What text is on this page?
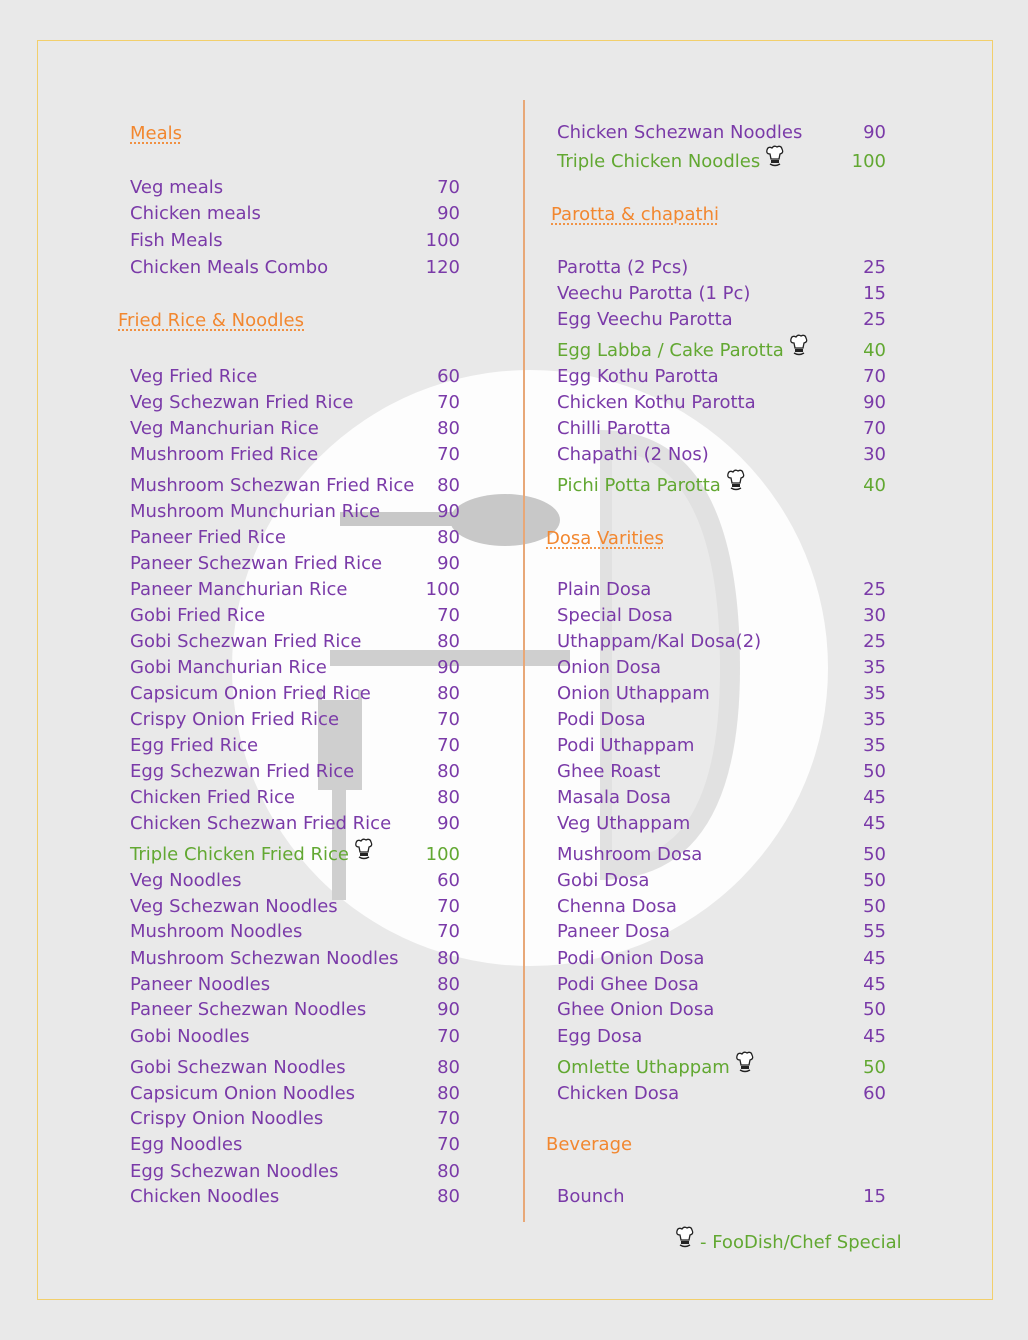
Meals
Veg meals	70
Chicken meals	90
Fish Meals	100
Chicken Meals Combo	120
Fried Rice & Noodles
Veg Fried Rice	60
Veg Schezwan Fried Rice	70
Veg Manchurian Rice	80
Mushroom Fried Rice	70
Mushroom Schezwan Fried Rice	80
Mushroom Munchurian Rice	90
Paneer Fried Rice	80
Paneer Schezwan Fried Rice	90
Paneer Manchurian Rice	100
Gobi Fried Rice	70
Gobi Schezwan Fried Rice	80
Gobi Manchurian Rice	90
Capsicum Onion Fried Rice	80
Crispy Onion Fried Rice	70
Egg Fried Rice	70
Egg Schezwan Fried Rice	80
Chicken Fried Rice	80
Chicken Schezwan Fried Rice	90
Triple Chicken Fried Rice	100
Veg Noodles	60
Veg Schezwan Noodles	70
Mushroom Noodles	70
Mushroom Schezwan Noodles	80
Paneer Noodles	80
Paneer Schezwan Noodles	90
Gobi Noodles	70
Gobi Schezwan Noodles	80
Capsicum Onion Noodles	80
Crispy Onion Noodles	70
Egg Noodles	70
Egg Schezwan Noodles	80
Chicken Noodles	80
Chicken Schezwan Noodles	90
Triple Chicken Noodles	100
Parotta & chapathi
Parotta (2 Pcs)	25
Veechu Parotta (1 Pc)	15
Egg Veechu Parotta	25
Egg Labba / Cake Parotta	40
Egg Kothu Parotta	70
Chicken Kothu Parotta	90
Chilli Parotta	70
Chapathi (2 Nos)	30
Pichi Potta Parotta	40
Dosa Varities
Plain Dosa	25
Special Dosa	30
Uthappam/Kal Dosa(2)	25
Onion Dosa	35
Onion Uthappam	35
Podi Dosa	35
Podi Uthappam	35
Ghee Roast	50
Masala Dosa	45
Veg Uthappam	45
Mushroom Dosa	50
Gobi Dosa	50
Chenna Dosa	50
Paneer Dosa	55
Podi Onion Dosa	45
Podi Ghee Dosa	45
Ghee Onion Dosa	50
Egg Dosa	45
Omlette Uthappam	50
Chicken Dosa	60
Beverage
Bounch	15
- FooDish/Chef Special
